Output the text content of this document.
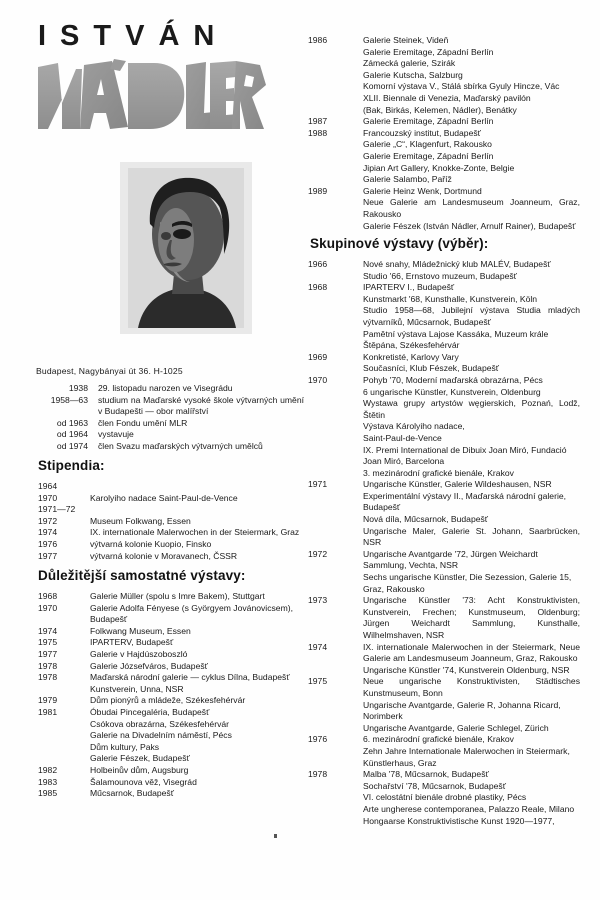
ISTVÁN
Budapest, Nagybányai út 36. H-1025
1938	29. listopadu narozen ve Visegrádu
1958—63	studium na Maďarské vysoké škole výtvarných umění v Budapešti — obor malířství
od 1963	člen Fondu umění MLR
od 1964	vystavuje
od 1974	člen Svazu maďarských výtvarných umělců
Stipendia:
1964
1970	Karolyiho nadace Saint-Paul-de-Vence
1971—72
1972	Museum Folkwang, Essen
1974	IX. internationale Malerwochen in der Steiermark, Graz
1976	výtvarná kolonie Kuopio, Finsko
1977	výtvarná kolonie v Moravanech, ČSSR
Důležitější samostatné výstavy:
1968	Galerie Müller (spolu s Imre Bakem), Stuttgart
1970	Galerie Adolfa Fényese (s Györgyem Jovánovicsem), Budapešť
1974	Folkwang Museum, Essen
1975	IPARTERV, Budapešť
1977	Galerie v Hajdúszoboszló
1978	Galerie Józsefváros, Budapešť
1978	Maďarská národní galerie — cyklus Dílna, Budapešť
Kunstverein, Unna, NSR
1979	Dům pionýrů a mládeže, Székesfehérvár
1981	Óbudai Pincegaléria, Budapešť
Csókova obrazárna, Székesfehérvár
Galerie na Divadelním náměstí, Pécs
Dům kultury, Paks
Galerie Fészek, Budapešť
1982	Holbeinův dům, Augsburg
1983	Šalamounova věž, Visegrád
1985	Műcsarnok, Budapešť
1986	Galerie Steinek, Videň
Galerie Eremitage, Západní Berlín
Zámecká galerie, Szirák
Galerie Kutscha, Salzburg
Komorní výstava V., Stálá sbírka Gyuly Hincze, Vác
XLII. Biennale di Venezia, Maďarský pavilón
(Bak, Birkás, Kelemen, Nádler), Benátky
1987	Galerie Eremitage, Západní Berlín
1988	Francouzský institut, Budapešť
Galerie „C“, Klagenfurt, Rakousko
Galerie Eremitage, Západní Berlín
Jipian Art Gallery, Knokke-Zonte, Belgie
Galerie Salambo, Paříž
1989	Galerie Heinz Wenk, Dortmund
Neue Galerie am Landesmuseum Joanneum, Graz, Rakousko
Galerie Fészek (István Nádler, Arnulf Rainer), Budapešť
Skupinové výstavy (výběr):
1966	Nové snahy, Mládežnický klub MALÉV, Budapešť
Studio '66, Ernstovo muzeum, Budapešť
1968	IPARTERV I., Budapešť
Kunstmarkt '68, Kunsthalle, Kunstverein, Köln
Studio 1958—68, Jubilejní výstava Studia mladých výtvarníků, Műcsarnok, Budapešť
Pamětní výstava Lajose Kassáka, Muzeum krále Štěpána, Székesfehérvár
1969	Konkretisté, Karlovy Vary
Současníci, Klub Fészek, Budapešť
1970	Pohyb '70, Moderní maďarská obrazárna, Pécs
6 ungarische Künstler, Kunstverein, Oldenburg
Wystawa grupy artystów węgierskich, Poznań, Lodž, Štětin
Výstava Károlyiho nadace,
Saint-Paul-de-Vence
IX. Premi International de Dibuix Joan Miró, Fundació Joan Miró, Barcelona
3. mezinárodní grafické bienále, Krakov
1971	Ungarische Künstler, Galerie Wildeshausen, NSR
Experimentální výstavy II., Maďarská národní galerie, Budapešť
Nová díla, Műcsarnok, Budapešť
Ungarische Maler, Galerie St. Johann, Saarbrücken, NSR
1972	Ungarische Avantgarde '72, Jürgen Weichardt Sammlung, Vechta, NSR
Sechs ungarische Künstler, Die Sezession, Galerie 15, Graz, Rakousko
1973	Ungarische Künstler '73: Acht Konstruktivisten, Kunstverein, Frechen; Kunstmuseum, Oldenburg; Jürgen Weichardt Sammlung, Kunsthalle, Wilhelmshaven, NSR
1974	IX. internationale Malerwochen in der Steiermark, Neue Galerie am Landesmuseum Joanneum, Graz, Rakousko
Ungarische Künstler '74, Kunstverein Oldenburg, NSR
1975	Neue ungarische Konstruktivisten, Städtisches Kunstmuseum, Bonn
Ungarische Avantgarde, Galerie R, Johanna Ricard, Norimberk
Ungarische Avantgarde, Galerie Schlegel, Zürich
1976	6. mezinárodní grafické bienále, Krakov
Zehn Jahre Internationale Malerwochen in Steiermark, Künstlerhaus, Graz
1978	Malba '78, Műcsarnok, Budapešť
Sochařství '78, Műcsarnok, Budapešť
VI. celostátní bienále drobné plastiky, Pécs
Arte ungherese contemporanea, Palazzo Reale, Milano
Hongaarse Konstruktivistische Kunst 1920—1977,
